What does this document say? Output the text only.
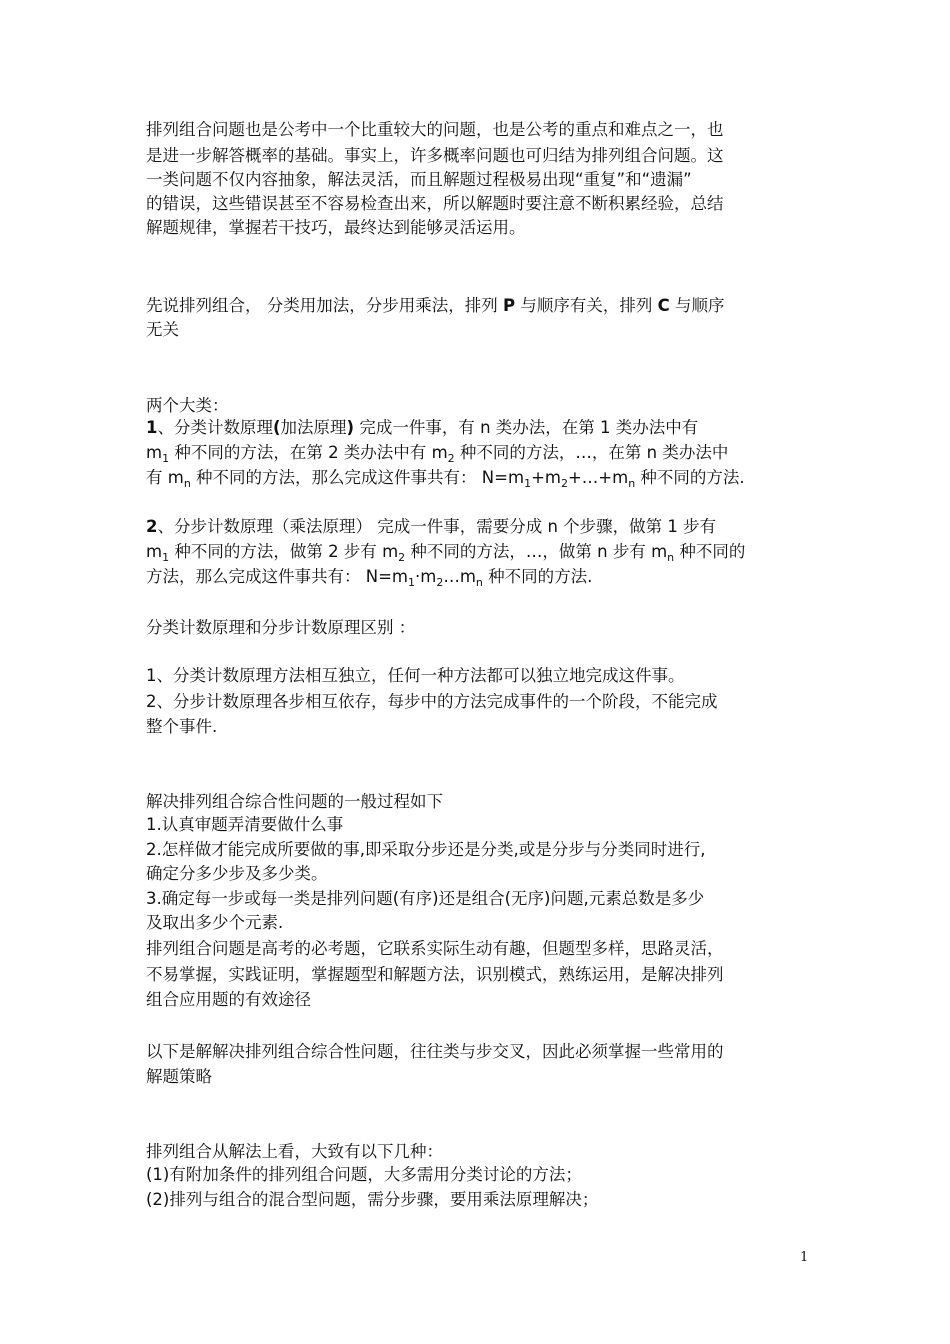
排列组合问题也是公考中一个比重较大的问题，也是公考的重点和难点之一，也
是进一步解答概率的基础。事实上，许多概率问题也可归结为排列组合问题。这
一类问题不仅内容抽象，解法灵活，而且解题过程极易出现“重复”和“遗漏”
的错误，这些错误甚至不容易检查出来，所以解题时要注意不断积累经验，总结
解题规律，掌握若干技巧，最终达到能够灵活运用。
先说排列组合， 分类用加法，分步用乘法，排列 P 与顺序有关，排列 C 与顺序
无关
两个大类：
1、分类计数原理(加法原理) 完成一件事，有 n 类办法，在第 1 类办法中有
$m_1$ 种不同的方法，在第 2 类办法中有 $m_2$ 种不同的方法，…，在第 n 类办法中
有 $m_n$ 种不同的方法，那么完成这件事共有： $N=m_1+m_2+\dots+m_n$ 种不同的方法.
2、分步计数原理（乘法原理） 完成一件事，需要分成 n 个步骤，做第 1 步有
$m_1$ 种不同的方法，做第 2 步有 $m_2$ 种不同的方法，…，做第 n 步有 $m_n$ 种不同的
方法，那么完成这件事共有： $N=m_1\cdot m_2\dots m_n$ 种不同的方法.
分类计数原理和分步计数原理区别 ：
1、分类计数原理方法相互独立，任何一种方法都可以独立地完成这件事。
2、分步计数原理各步相互依存，每步中的方法完成事件的一个阶段，不能完成
整个事件.
解决排列组合综合性问题的一般过程如下
1.认真审题弄清要做什么事
2.怎样做才能完成所要做的事,即采取分步还是分类,或是分步与分类同时进行,
确定分多少步及多少类。
3.确定每一步或每一类是排列问题(有序)还是组合(无序)问题,元素总数是多少
及取出多少个元素.
排列组合问题是高考的必考题，它联系实际生动有趣，但题型多样，思路灵活，
不易掌握，实践证明，掌握题型和解题方法，识别模式，熟练运用，是解决排列
组合应用题的有效途径
以下是解解决排列组合综合性问题，往往类与步交叉，因此必须掌握一些常用的
解题策略
排列组合从解法上看，大致有以下几种：
(1)有附加条件的排列组合问题，大多需用分类讨论的方法；
(2)排列与组合的混合型问题，需分步骤，要用乘法原理解决；
1
